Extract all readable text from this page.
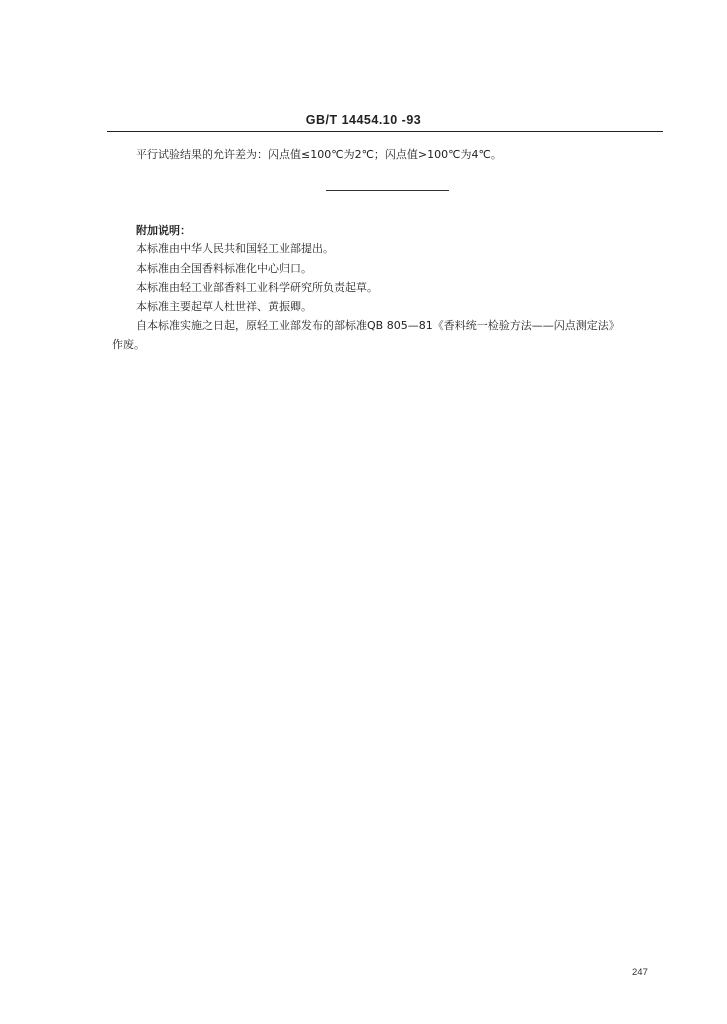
GB/T 14454.10 -93
平行试验结果的允许差为：闪点值≤100℃为2℃；闪点值>100℃为4℃。
附加说明：
本标准由中华人民共和国轻工业部提出。
本标准由全国香料标准化中心归口。
本标准由轻工业部香料工业科学研究所负责起草。
本标准主要起草人杜世祥、黄振卿。
自本标准实施之日起，原轻工业部发布的部标准QB 805—81《香料统一检验方法——闪点测定法》
作废。
247
